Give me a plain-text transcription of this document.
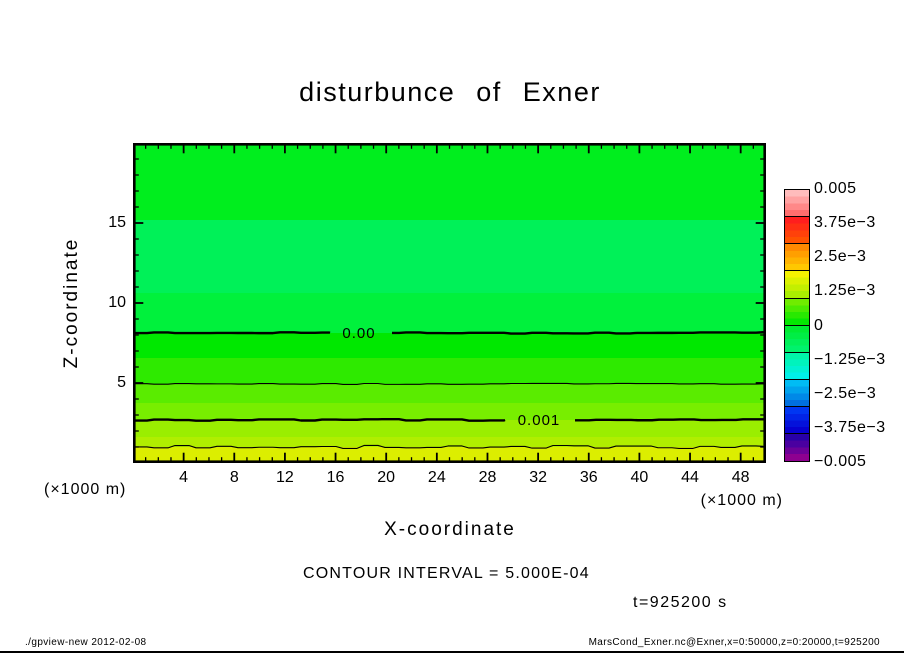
disturbunce of Exner
0.00
0.001
4	8	12	16	20	24	28	32	36	40	44	48
Z-coordinate
X-coordinate
(×1000 m)
(×1000 m)
CONTOUR INTERVAL = 5.000E-04
t=925200 s
0.005
3.75e−3
2.5e−3
1.25e−3
0
−1.25e−3
−2.5e−3
−3.75e−3
−0.005
./gpview-new 2012-02-08	MarsCond_Exner.nc@Exner,x=0:50000,z=0:20000,t=925200
5
10
15
